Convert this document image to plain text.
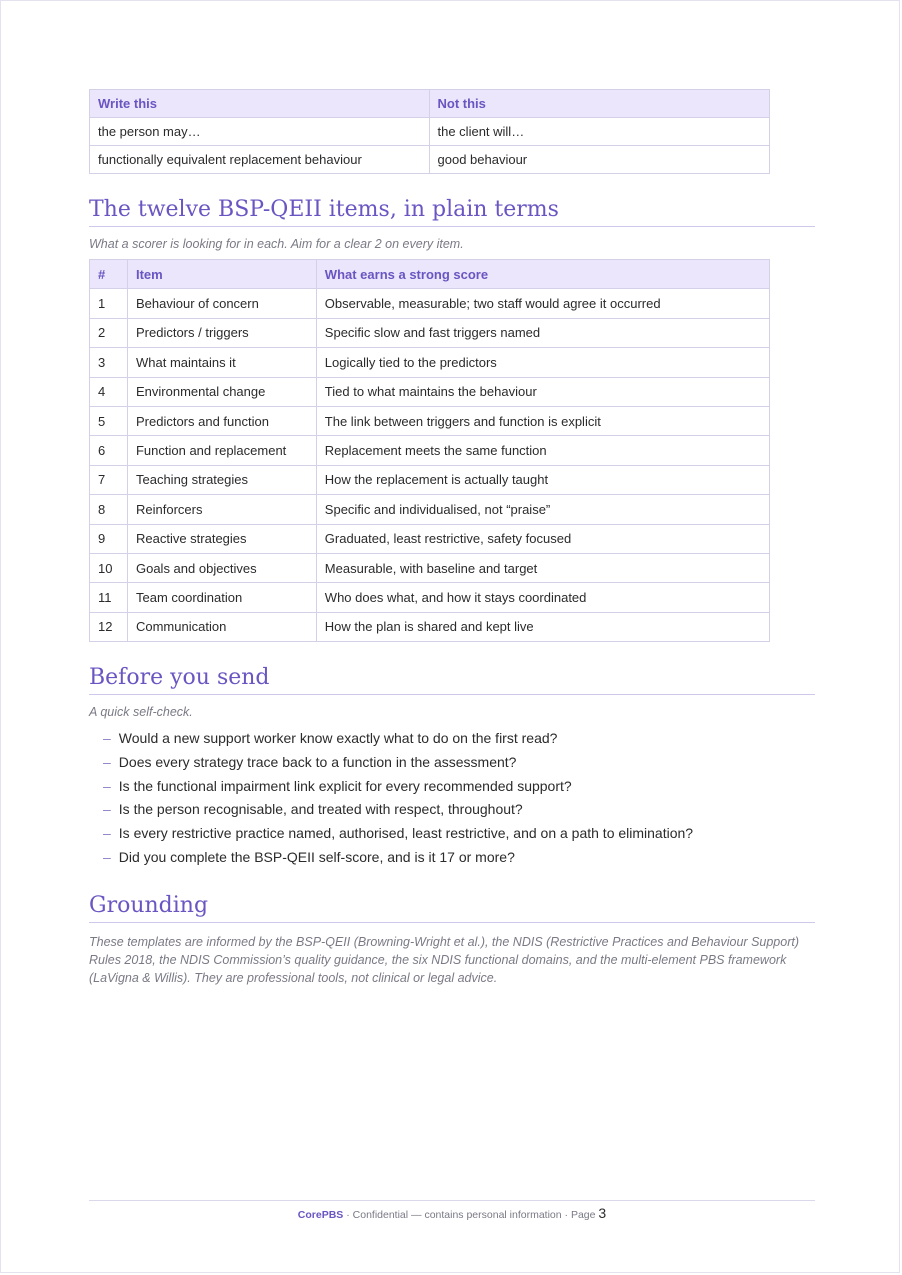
Write this	Not this
the person may…	the client will…
functionally equivalent replacement behaviour	good behaviour
The twelve BSP-QEII items, in plain terms
What a scorer is looking for in each. Aim for a clear 2 on every item.
#	Item	What earns a strong score
1	Behaviour of concern	Observable, measurable; two staff would agree it occurred
2	Predictors / triggers	Specific slow and fast triggers named
3	What maintains it	Logically tied to the predictors
4	Environmental change	Tied to what maintains the behaviour
5	Predictors and function	The link between triggers and function is explicit
6	Function and replacement	Replacement meets the same function
7	Teaching strategies	How the replacement is actually taught
8	Reinforcers	Specific and individualised, not “praise”
9	Reactive strategies	Graduated, least restrictive, safety focused
10	Goals and objectives	Measurable, with baseline and target
11	Team coordination	Who does what, and how it stays coordinated
12	Communication	How the plan is shared and kept live
Before you send
A quick self-check.
– Would a new support worker know exactly what to do on the first read?
– Does every strategy trace back to a function in the assessment?
– Is the functional impairment link explicit for every recommended support?
– Is the person recognisable, and treated with respect, throughout?
– Is every restrictive practice named, authorised, least restrictive, and on a path to elimination?
– Did you complete the BSP-QEII self-score, and is it 17 or more?
Grounding
These templates are informed by the BSP-QEII (Browning-Wright et al.), the NDIS (Restrictive Practices and Behaviour Support) Rules 2018, the NDIS Commission’s quality guidance, the six NDIS functional domains, and the multi-element PBS framework (LaVigna & Willis). They are professional tools, not clinical or legal advice.
CorePBS · Confidential — contains personal information · Page 3
